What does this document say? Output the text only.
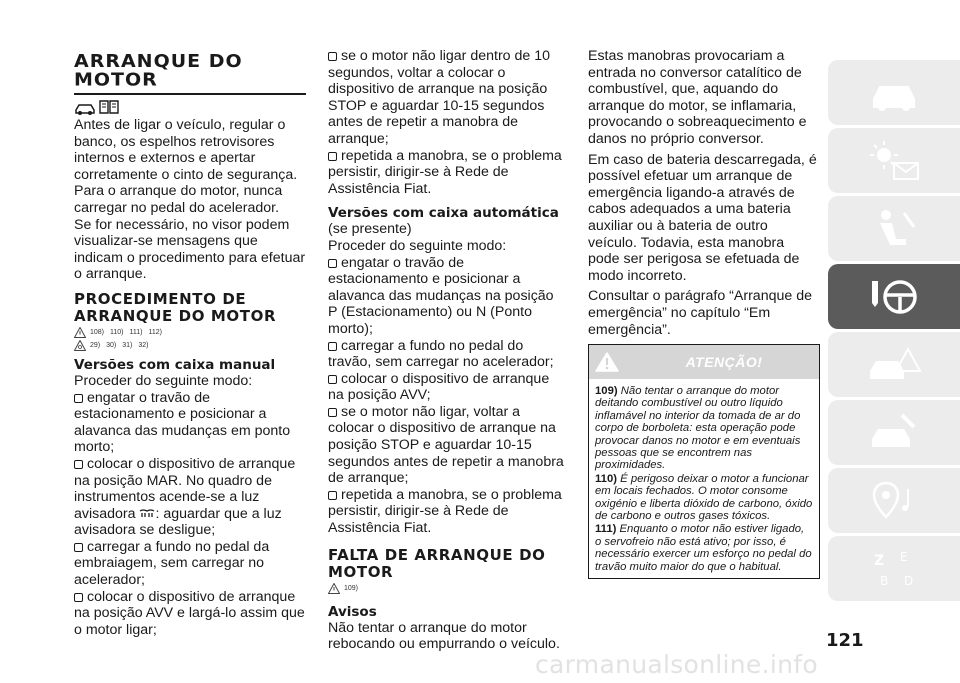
ARRANQUE DO MOTOR

Antes de ligar o veículo, regular o banco, os espelhos retrovisores internos e externos e apertar corretamente o cinto de segurança.

Para o arranque do motor, nunca carregar no pedal do acelerador.

Se for necessário, no visor podem visualizar-se mensagens que indicam o procedimento para efetuar o arranque.

PROCEDIMENTO DE ARRANQUE DO MOTOR
108) 110) 111) 112)
29) 30) 31) 32)
Versões com caixa manual

Proceder do seguinte modo:

engatar o travão de estacionamento e posicionar a alavanca das mudanças em ponto morto;

colocar o dispositivo de arranque na posição MAR. No quadro de instrumentos acende-se a luz avisadora : aguardar que a luz avisadora se desligue;

carregar a fundo no pedal da embraiagem, sem carregar no acelerador;

colocar o dispositivo de arranque na posição AVV e largá-lo assim que o motor ligar;

se o motor não ligar dentro de 10 segundos, voltar a colocar o dispositivo de arranque na posição STOP e aguardar 10-15 segundos antes de repetir a manobra de arranque;

repetida a manobra, se o problema persistir, dirigir-se à Rede de Assistência Fiat.

Versões com caixa automática

(se presente)

Proceder do seguinte modo:

engatar o travão de estacionamento e posicionar a alavanca das mudanças na posição P (Estacionamento) ou N (Ponto morto);

carregar a fundo no pedal do travão, sem carregar no acelerador;

colocar o dispositivo de arranque na posição AVV;

se o motor não ligar, voltar a colocar o dispositivo de arranque na posição STOP e aguardar 10-15 segundos antes de repetir a manobra de arranque;

repetida a manobra, se o problema persistir, dirigir-se à Rede de Assistência Fiat.

FALTA DE ARRANQUE DO MOTOR
109)
Avisos

Não tentar o arranque do motor rebocando ou empurrando o veículo.

Estas manobras provocariam a entrada no conversor catalítico de combustível, que, aquando do arranque do motor, se inflamaria, provocando o sobreaquecimento e danos no próprio conversor.

Em caso de bateria descarregada, é possível efetuar um arranque de emergência ligando-a através de cabos adequados a uma bateria auxiliar ou à bateria de outro veículo. Todavia, esta manobra pode ser perigosa se efetuada de modo incorreto.

Consultar o parágrafo “Arranque de emergência” no capítulo “Em emergência”.

ATENÇÃO!

109) Não tentar o arranque do motor deitando combustível ou outro líquido inflamável no interior da tomada de ar do corpo de borboleta: esta operação pode provocar danos no motor e em eventuais pessoas que se encontrem nas proximidades.

110) É perigoso deixar o motor a funcionar em locais fechados. O motor consome oxigénio e liberta dióxido de carbono, óxido de carbono e outros gases tóxicos.

111) Enquanto o motor não estiver ligado, o servofreio não está ativo; por isso, é necessário exercer um esforço no pedal do travão muito maior do que o habitual.	Z E
B D
121
carmanualsonline.info
